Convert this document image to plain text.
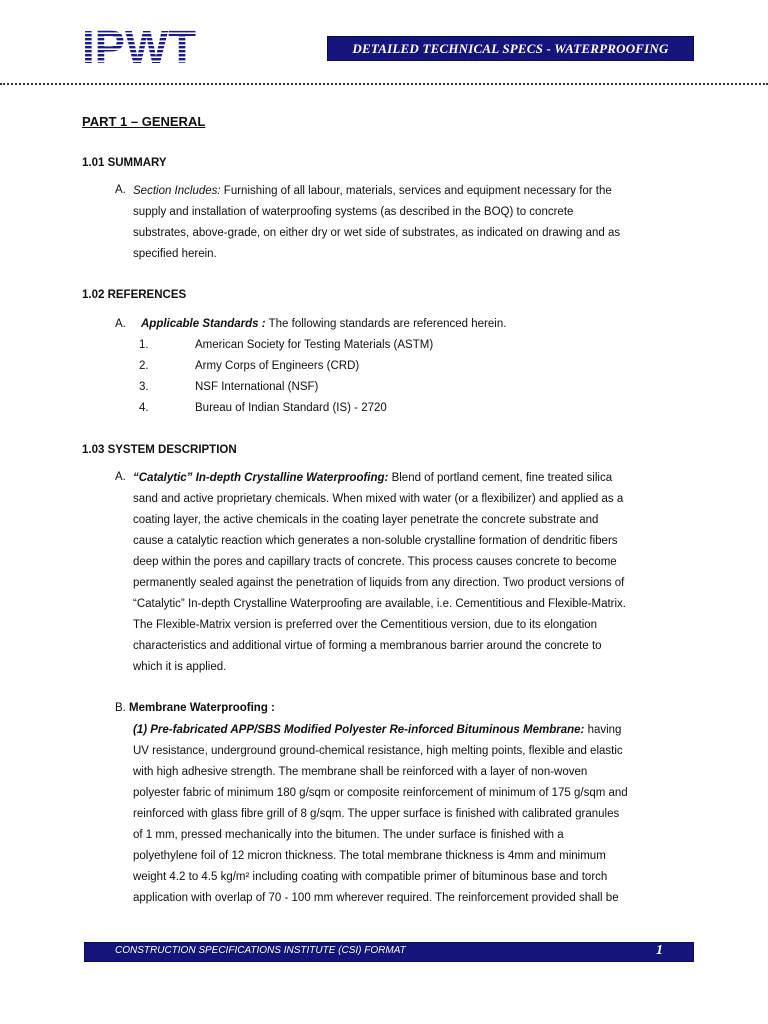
IPWT	DETAILED TECHNICAL SPECS - WATERPROOFING
PART 1 – GENERAL
1.01 SUMMARY
A. Section Includes: Furnishing of all labour, materials, services and equipment necessary for the
supply and installation of waterproofing systems (as described in the BOQ) to concrete
substrates, above-grade, on either dry or wet side of substrates, as indicated on drawing and as
specified herein.
1.02 REFERENCES
A. Applicable Standards : The following standards are referenced herein.
1.	American Society for Testing Materials (ASTM)
2.	Army Corps of Engineers (CRD)
3.	NSF International (NSF)
4.	Bureau of Indian Standard (IS) - 2720
1.03 SYSTEM DESCRIPTION
A. “Catalytic” In-depth Crystalline Waterproofing: Blend of portland cement, fine treated silica
sand and active proprietary chemicals. When mixed with water (or a flexibilizer) and applied as a
coating layer, the active chemicals in the coating layer penetrate the concrete substrate and
cause a catalytic reaction which generates a non-soluble crystalline formation of dendritic fibers
deep within the pores and capillary tracts of concrete. This process causes concrete to become
permanently sealed against the penetration of liquids from any direction. Two product versions of
“Catalytic” In-depth Crystalline Waterproofing are available, i.e. Cementitious and Flexible-Matrix.
The Flexible-Matrix version is preferred over the Cementitious version, due to its elongation
characteristics and additional virtue of forming a membranous barrier around the concrete to
which it is applied.
B. Membrane Waterproofing :
(1) Pre-fabricated APP/SBS Modified Polyester Re-inforced Bituminous Membrane: having
UV resistance, underground ground-chemical resistance, high melting points, flexible and elastic
with high adhesive strength. The membrane shall be reinforced with a layer of non-woven
polyester fabric of minimum 180 g/sqm or composite reinforcement of minimum of 175 g/sqm and
reinforced with glass fibre grill of 8 g/sqm. The upper surface is finished with calibrated granules
of 1 mm, pressed mechanically into the bitumen. The under surface is finished with a
polyethylene foil of 12 micron thickness. The total membrane thickness is 4mm and minimum
weight 4.2 to 4.5 kg/m² including coating with compatible primer of bituminous base and torch
application with overlap of 70 - 100 mm wherever required. The reinforcement provided shall be
CONSTRUCTION SPECIFICATIONS INSTITUTE (CSI) FORMAT	1
